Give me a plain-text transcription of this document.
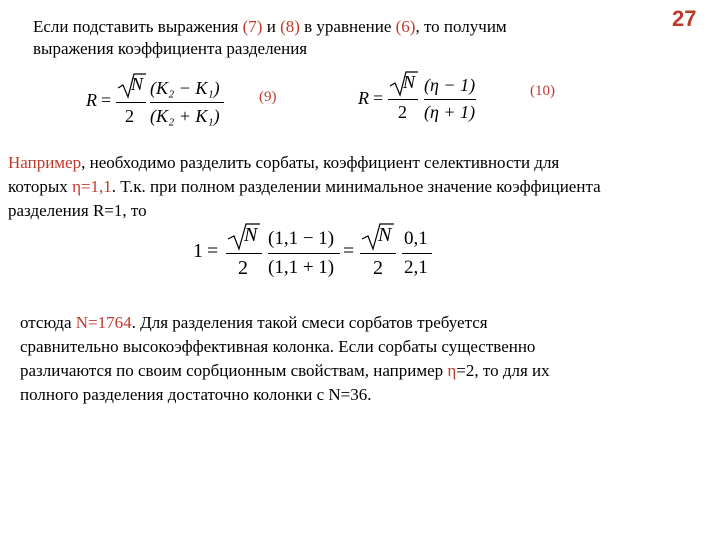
27
Если подставить выражения (7) и (8) в уравнение (6), то получим
выражения коэффициента разделения
R =
N
2
(K₂ − K₁)
(K₂ + K₁)
(9)	R =
N
2
(η − 1)
(η + 1)
(10)
Например, необходимо разделить сорбаты, коэффициент селективности для
которых η=1,1. Т.к. при полном разделении минимальное значение коэффициента
разделения R=1, то
1 =
N
2
(1,1 − 1)
(1,1 + 1)
=
N
2
0,1
2,1
отсюда N=1764. Для разделения такой смеси сорбатов требуется
сравнительно высокоэффективная колонка. Если сорбаты существенно
различаются по своим сорбционным свойствам, например η=2, то для их
полного разделения достаточно колонки с N=36.
